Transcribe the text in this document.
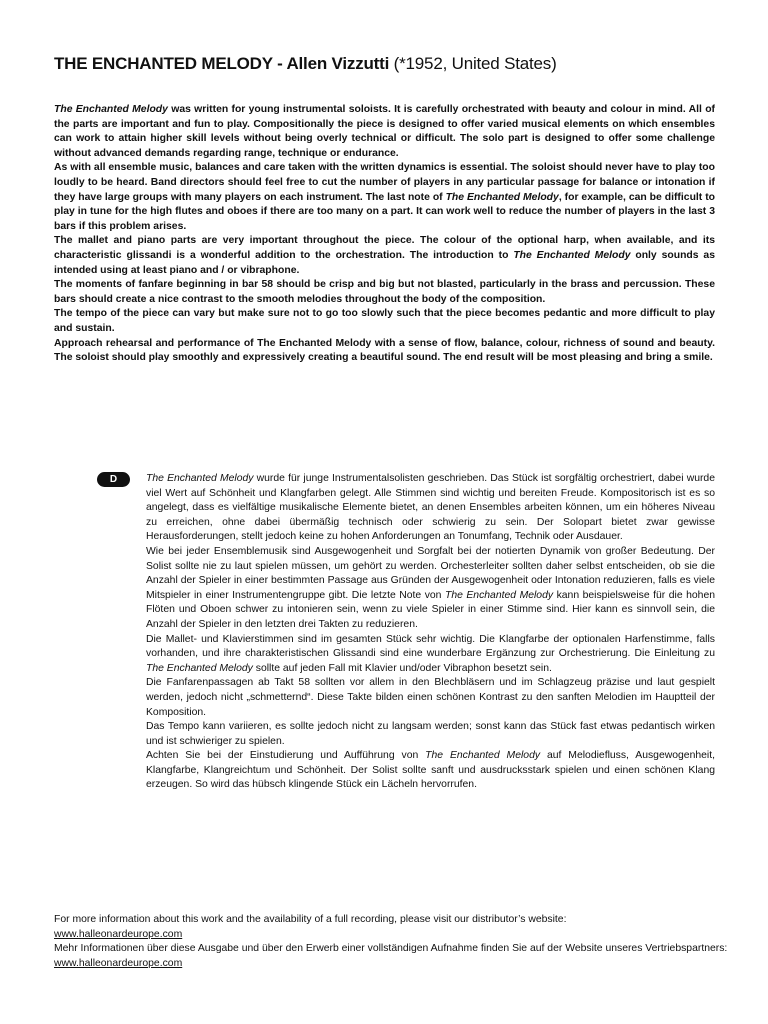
THE ENCHANTED MELODY - Allen Vizzutti (*1952, United States)

The Enchanted Melody was written for young instrumental soloists. It is carefully orchestrated with beauty and colour in mind. All of the parts are important and fun to play. Compositionally the piece is designed to offer varied musical elements on which ensembles can work to attain higher skill levels without being overly technical or difficult. The solo part is designed to offer some challenge without advanced demands regarding range, technique or endurance.

As with all ensemble music, balances and care taken with the written dynamics is essential. The soloist should never have to play too loudly to be heard. Band directors should feel free to cut the number of players in any particular passage for balance or intonation if they have large groups with many players on each instrument. The last note of The Enchanted Melody, for example, can be difficult to play in tune for the high flutes and oboes if there are too many on a part. It can work well to reduce the number of players in the last 3 bars if this problem arises.

The mallet and piano parts are very important throughout the piece. The colour of the optional harp, when available, and its characteristic glissandi is a wonderful addition to the orchestration. The introduction to The Enchanted Melody only sounds as intended using at least piano and / or vibraphone.

The moments of fanfare beginning in bar 58 should be crisp and big but not blasted, particularly in the brass and percussion. These bars should create a nice contrast to the smooth melodies throughout the body of the composition.

The tempo of the piece can vary but make sure not to go too slowly such that the piece becomes pedantic and more difficult to play and sustain.

Approach rehearsal and performance of The Enchanted Melody with a sense of flow, balance, colour, richness of sound and beauty. The soloist should play smoothly and expressively creating a beautiful sound. The end result will be most pleasing and bring a smile.

D	The Enchanted Melody wurde für junge Instrumentalsolisten geschrieben. Das Stück ist sorgfältig orchestriert, dabei wurde viel Wert auf Schönheit und Klangfarben gelegt. Alle Stimmen sind wichtig und bereiten Freude. Kompositorisch ist es so angelegt, dass es vielfältige musikalische Elemente bietet, an denen Ensembles arbeiten können, um ein höheres Niveau zu erreichen, ohne dabei übermäßig technisch oder schwierig zu sein. Der Solopart bietet zwar gewisse Herausforderungen, stellt jedoch keine zu hohen Anforderungen an Tonumfang, Technik oder Ausdauer.

Wie bei jeder Ensemblemusik sind Ausgewogenheit und Sorgfalt bei der notierten Dynamik von großer Bedeutung. Der Solist sollte nie zu laut spielen müssen, um gehört zu werden. Orchesterleiter sollten daher selbst entscheiden, ob sie die Anzahl der Spieler in einer bestimmten Passage aus Gründen der Ausgewogenheit oder Intonation reduzieren, falls es viele Mitspieler in einer Instrumentengruppe gibt. Die letzte Note von The Enchanted Melody kann beispielsweise für die hohen Flöten und Oboen schwer zu intonieren sein, wenn zu viele Spieler in einer Stimme sind. Hier kann es sinnvoll sein, die Anzahl der Spieler in den letzten drei Takten zu reduzieren.

Die Mallet- und Klavierstimmen sind im gesamten Stück sehr wichtig. Die Klangfarbe der optionalen Harfenstimme, falls vorhanden, und ihre charakteristischen Glissandi sind eine wunderbare Ergänzung zur Orchestrierung. Die Einleitung zu The Enchanted Melody sollte auf jeden Fall mit Klavier und/oder Vibraphon besetzt sein.

Die Fanfarenpassagen ab Takt 58 sollten vor allem in den Blechbläsern und im Schlagzeug präzise und laut gespielt werden, jedoch nicht „schmetternd“. Diese Takte bilden einen schönen Kontrast zu den sanften Melodien im Hauptteil der Komposition.

Das Tempo kann variieren, es sollte jedoch nicht zu langsam werden; sonst kann das Stück fast etwas pedantisch wirken und ist schwieriger zu spielen.

Achten Sie bei der Einstudierung und Aufführung von The Enchanted Melody auf Melodiefluss, Ausgewogenheit, Klangfarbe, Klangreichtum und Schönheit. Der Solist sollte sanft und ausdrucksstark spielen und einen schönen Klang erzeugen. So wird das hübsch klingende Stück ein Lächeln hervorrufen.

For more information about this work and the availability of a full recording, please visit our distributor’s website:

www.halleonardeurope.com

Mehr Informationen über diese Ausgabe und über den Erwerb einer vollständigen Aufnahme finden Sie auf der Website unseres Vertriebspartners: www.halleonardeurope.com
